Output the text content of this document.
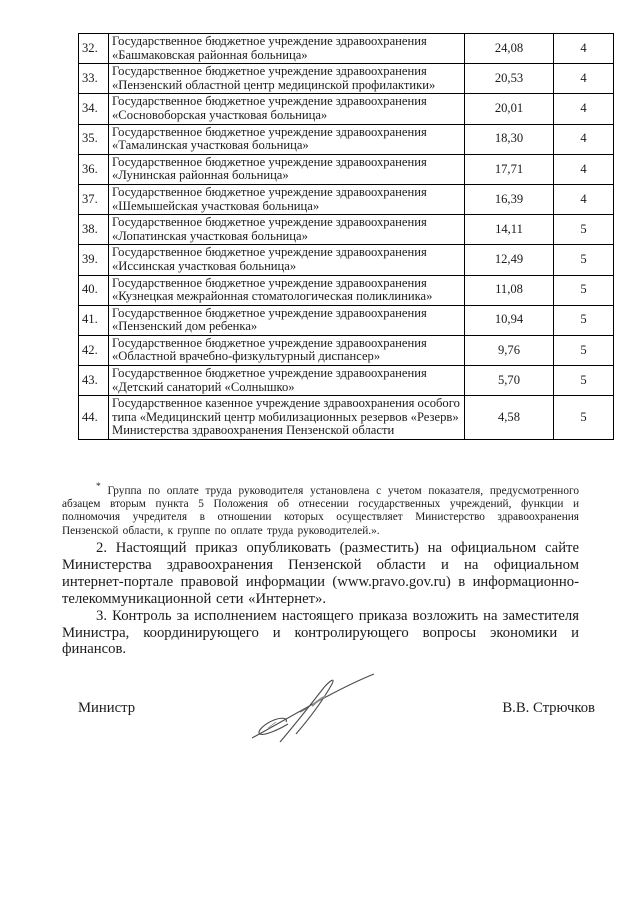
32.	Государственное бюджетное учреждение здравоохранения «Башмаковская районная больница»	24,08	4
33.	Государственное бюджетное учреждение здравоохранения «Пензенский областной центр медицинской профилактики»	20,53	4
34.	Государственное бюджетное учреждение здравоохранения «Сосновоборская участковая больница»	20,01	4
35.	Государственное бюджетное учреждение здравоохранения «Тамалинская участковая больница»	18,30	4
36.	Государственное бюджетное учреждение здравоохранения «Лунинская районная больница»	17,71	4
37.	Государственное бюджетное учреждение здравоохранения «Шемышейская участковая больница»	16,39	4
38.	Государственное бюджетное учреждение здравоохранения «Лопатинская участковая больница»	14,11	5
39.	Государственное бюджетное учреждение здравоохранения «Иссинская участковая больница»	12,49	5
40.	Государственное бюджетное учреждение здравоохранения «Кузнецкая межрайонная стоматологическая поликлиника»	11,08	5
41.	Государственное бюджетное учреждение здравоохранения «Пензенский дом ребенка»	10,94	5
42.	Государственное бюджетное учреждение здравоохранения «Областной врачебно-физкультурный диспансер»	9,76	5
43.	Государственное бюджетное учреждение здравоохранения «Детский санаторий «Солнышко»	5,70	5
44.	Государственное казенное учреждение здравоохранения особого типа «Медицинский центр мобилизационных резервов «Резерв» Министерства здравоохранения Пензенской области	4,58	5
* Группа по оплате труда руководителя установлена с учетом показателя, предусмотренного абзацем вторым пункта 5 Положения об отнесении государственных учреждений, функции и полномочия учредителя в отношении которых осуществляет Министерство здравоохранения Пензенской области, к группе по оплате труда руководителей.».

2. Настоящий приказ опубликовать (разместить) на официальном сайте Министерства здравоохранения Пензенской области и на официальном интернет-портале правовой информации (www.pravo.gov.ru) в информационно-телекоммуникационной сети «Интернет».

3. Контроль за исполнением настоящего приказа возложить на заместителя Министра, координирующего и контролирующего вопросы экономики и финансов.

Министр	В.В. Стрючков
